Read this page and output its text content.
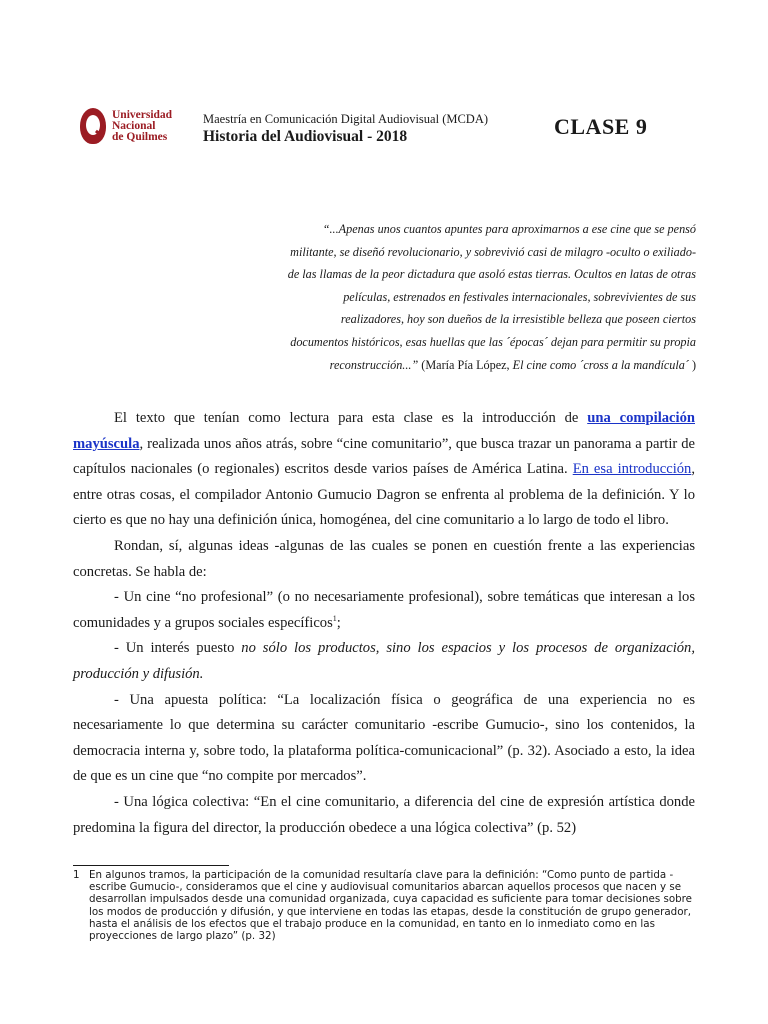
Universidad
Nacional
de Quilmes
Maestría en Comunicación Digital Audiovisual (MCDA)
Historia del Audiovisual - 2018	CLASE 9
“...Apenas unos cuantos apuntes para aproximarnos a ese cine que se pensó
militante, se diseñó revolucionario, y sobrevivió casi de milagro -oculto o exiliado-
de las llamas de la peor dictadura que asoló estas tierras. Ocultos en latas de otras
películas, estrenados en festivales internacionales, sobrevivientes de sus
realizadores, hoy son dueños de la irresistible belleza que poseen ciertos
documentos históricos, esas huellas que las ´épocas´ dejan para permitir su propia
reconstrucción...” (María Pía López, El cine como ´cross a la mandícula´ )

El texto que tenían como lectura para esta clase es la introducción de una compilación mayúscula, realizada unos años atrás, sobre “cine comunitario”, que busca trazar un panorama a partir de capítulos nacionales (o regionales) escritos desde varios países de América Latina. En esa introducción, entre otras cosas, el compilador Antonio Gumucio Dagron se enfrenta al problema de la definición. Y lo cierto es que no hay una definición única, homogénea, del cine comunitario a lo largo de todo el libro.

Rondan, sí, algunas ideas -algunas de las cuales se ponen en cuestión frente a las experiencias concretas. Se habla de:

- Un cine “no profesional” (o no necesariamente profesional), sobre temáticas que interesan a los comunidades y a grupos sociales específicos$^1$;

- Un interés puesto no sólo los productos, sino los espacios y los procesos de organización, producción y difusión.

- Una apuesta política: “La localización física o geográfica de una experiencia no es necesariamente lo que determina su carácter comunitario -escribe Gumucio-, sino los contenidos, la democracia interna y, sobre todo, la plataforma política-comunicacional” (p. 32). Asociado a esto, la idea de que es un cine que “no compite por mercados”.

- Una lógica colectiva: “En el cine comunitario, a diferencia del cine de expresión artística donde predomina la figura del director, la producción obedece a una lógica colectiva” (p. 52)

1 En algunos tramos, la participación de la comunidad resultaría clave para la definición: “Como punto de partida -escribe Gumucio-, consideramos que el cine y audiovisual comunitarios abarcan aquellos procesos que nacen y se desarrollan impulsados desde una comunidad organizada, cuya capacidad es suficiente para tomar decisiones sobre los modos de producción y difusión, y que interviene en todas las etapas, desde la constitución de grupo generador, hasta el análisis de los efectos que el trabajo produce en la comunidad, en tanto en lo inmediato como en las proyecciones de largo plazo” (p. 32)
